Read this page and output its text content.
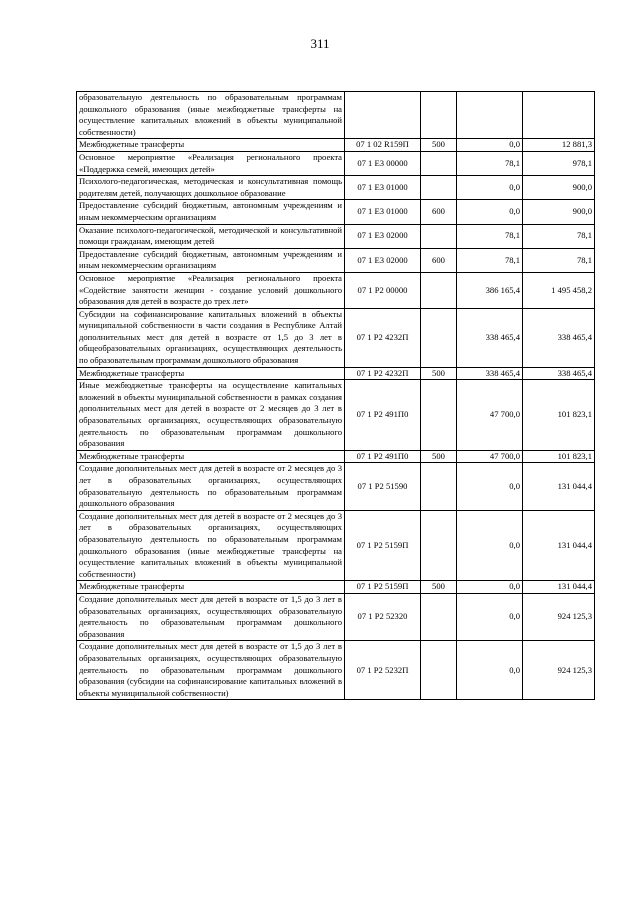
311
образовательную деятельность по образовательным программам дошкольного образования (иные межбюджетные трансферты на осуществление капитальных вложений в объекты муниципальной собственности)				
Межбюджетные трансферты	07 1 02 R159П	500	0,0	12 881,3
Основное мероприятие «Реализация регионального проекта «Поддержка семей, имеющих детей»	07 1 E3 00000		78,1	978,1
Психолого-педагогическая, методическая и консультативная помощь родителям детей, получающих дошкольное образование	07 1 E3 01000		0,0	900,0
Предоставление субсидий бюджетным, автономным учреждениям и иным некоммерческим организациям	07 1 E3 01000	600	0,0	900,0
Оказание психолого-педагогической, методической и консультативной помощи гражданам, имеющим детей	07 1 E3 02000		78,1	78,1
Предоставление субсидий бюджетным, автономным учреждениям и иным некоммерческим организациям	07 1 E3 02000	600	78,1	78,1
Основное мероприятие «Реализация регионального проекта «Содействие занятости женщин - создание условий дошкольного образования для детей в возрасте до трех лет»	07 1 P2 00000		386 165,4	1 495 458,2
Субсидии на софинансирование капитальных вложений в объекты муниципальной собственности в части создания в Республике Алтай дополнительных мест для детей в возрасте от 1,5 до 3 лет в общеобразовательных организациях, осуществляющих деятельность по образовательным программам дошкольного образования	07 1 P2 4232П		338 465,4	338 465,4
Межбюджетные трансферты	07 1 P2 4232П	500	338 465,4	338 465,4
Иные межбюджетные трансферты на осуществление капитальных вложений в объекты муниципальной собственности в рамках создания дополнительных мест для детей в возрасте от 2 месяцев до 3 лет в образовательных организациях, осуществляющих образовательную деятельность по образовательным программам дошкольного образования	07 1 P2 491П0		47 700,0	101 823,1
Межбюджетные трансферты	07 1 P2 491П0	500	47 700,0	101 823,1
Создание дополнительных мест для детей в возрасте от 2 месяцев до 3 лет в образовательных организациях, осуществляющих образовательную деятельность по образовательным программам дошкольного образования	07 1 P2 51590		0,0	131 044,4
Создание дополнительных мест для детей в возрасте от 2 месяцев до 3 лет в образовательных организациях, осуществляющих образовательную деятельность по образовательным программам дошкольного образования (иные межбюджетные трансферты на осуществление капитальных вложений в объекты муниципальной собственности)	07 1 P2 5159П		0,0	131 044,4
Межбюджетные трансферты	07 1 P2 5159П	500	0,0	131 044,4
Создание дополнительных мест для детей в возрасте от 1,5 до 3 лет в образовательных организациях, осуществляющих образовательную деятельность по образовательным программам дошкольного образования	07 1 P2 52320		0,0	924 125,3
Создание дополнительных мест для детей в возрасте от 1,5 до 3 лет в образовательных организациях, осуществляющих образовательную деятельность по образовательным программам дошкольного образования (субсидии на софинансирование капитальных вложений в объекты муниципальной собственности)	07 1 P2 5232П		0,0	924 125,3
